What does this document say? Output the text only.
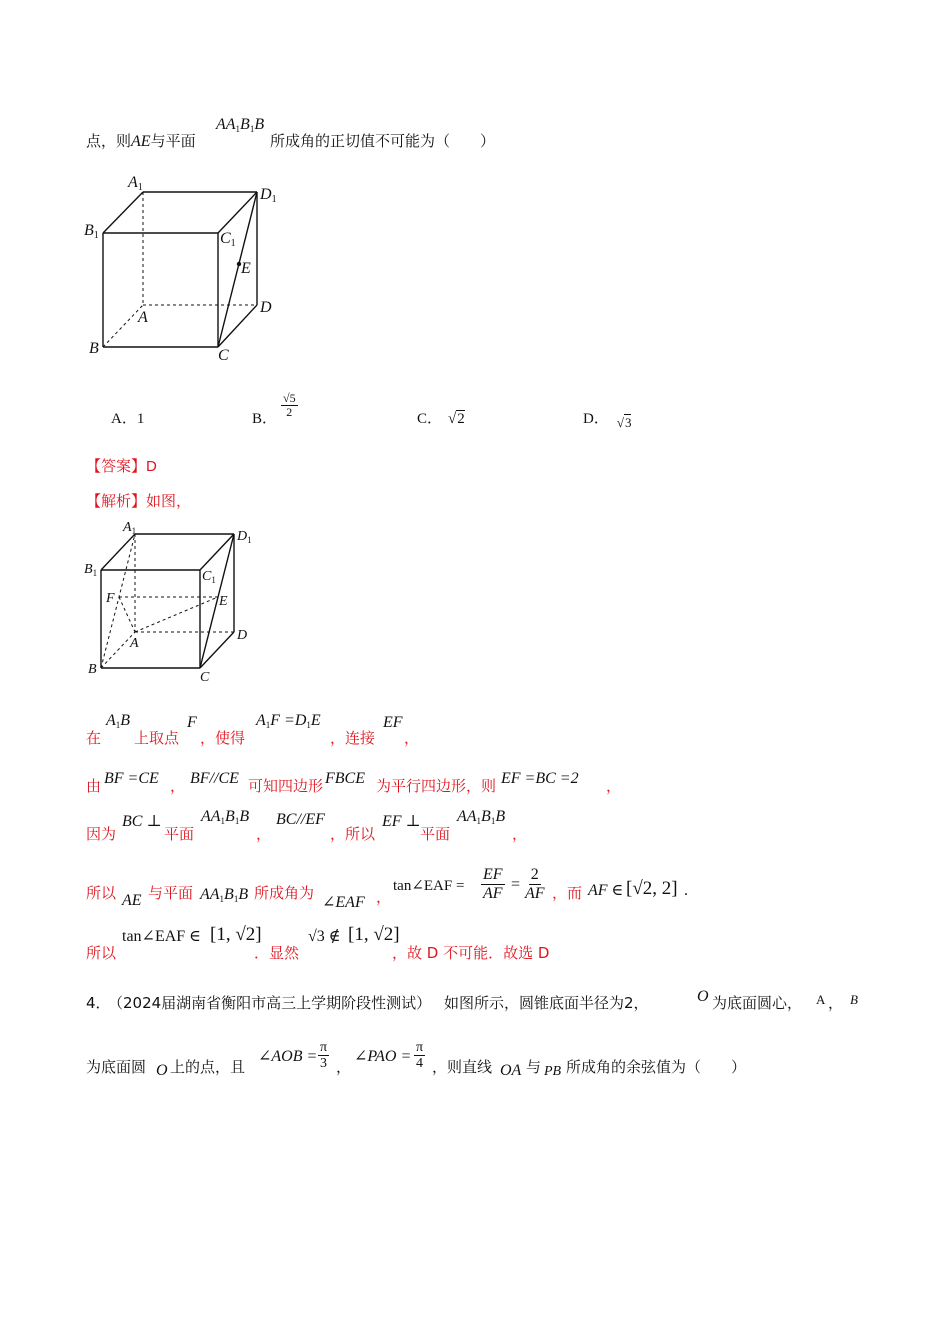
点，则AE与平面
$AA_1B_1B$
所成角的正切值不可能为（　　）
A1
B1	C1
D1
E
D
A
B	C
A．1	B． $\frac{√5}{2}$	C． √2	D． √3
【答案】D
【解析】如图，
$A_1$
$B_1$	$C_1$
$D_1$
F	E
D
A
B
C
在
$A_1B$
上取点
F
，使得
$A_1F =D_1E$
，连接
EF
，
由 BF =CE ， BF//CE 可知四边形 FBCE 为平行四边形，则 EF =BC =2 ，
因为
BC ⊥
平面
$AA_1B_1B$
，
BC//EF
，所以
EF ⊥
平面
$AA_1B_1B$
，
所以 AE 与平面 $AA_1B_1B$ 所成角为
∠EAF ，
tan∠EAF = $\frac{EF}{AF} = \frac{2}{AF}$ ，而 AF ∈ [√2, 2] .
所以
tan∠EAF ∈ [1, √2]
．显然
√3 ∉ [1, √2]
，故 D 不可能．故选 D
4．
（2024届湖南省衡阳市高三上学期阶段性测试） 如图所示，圆锥底面半径为2，	O 为底面圆心， A ， B
为底面圆 O 上的点，且
∠AOB = $\frac{\pi}{3}$ ，
∠PAO = $\frac{\pi}{4}$ ，则直线 OA 与 PB 所成角的余弦值为（　　）
